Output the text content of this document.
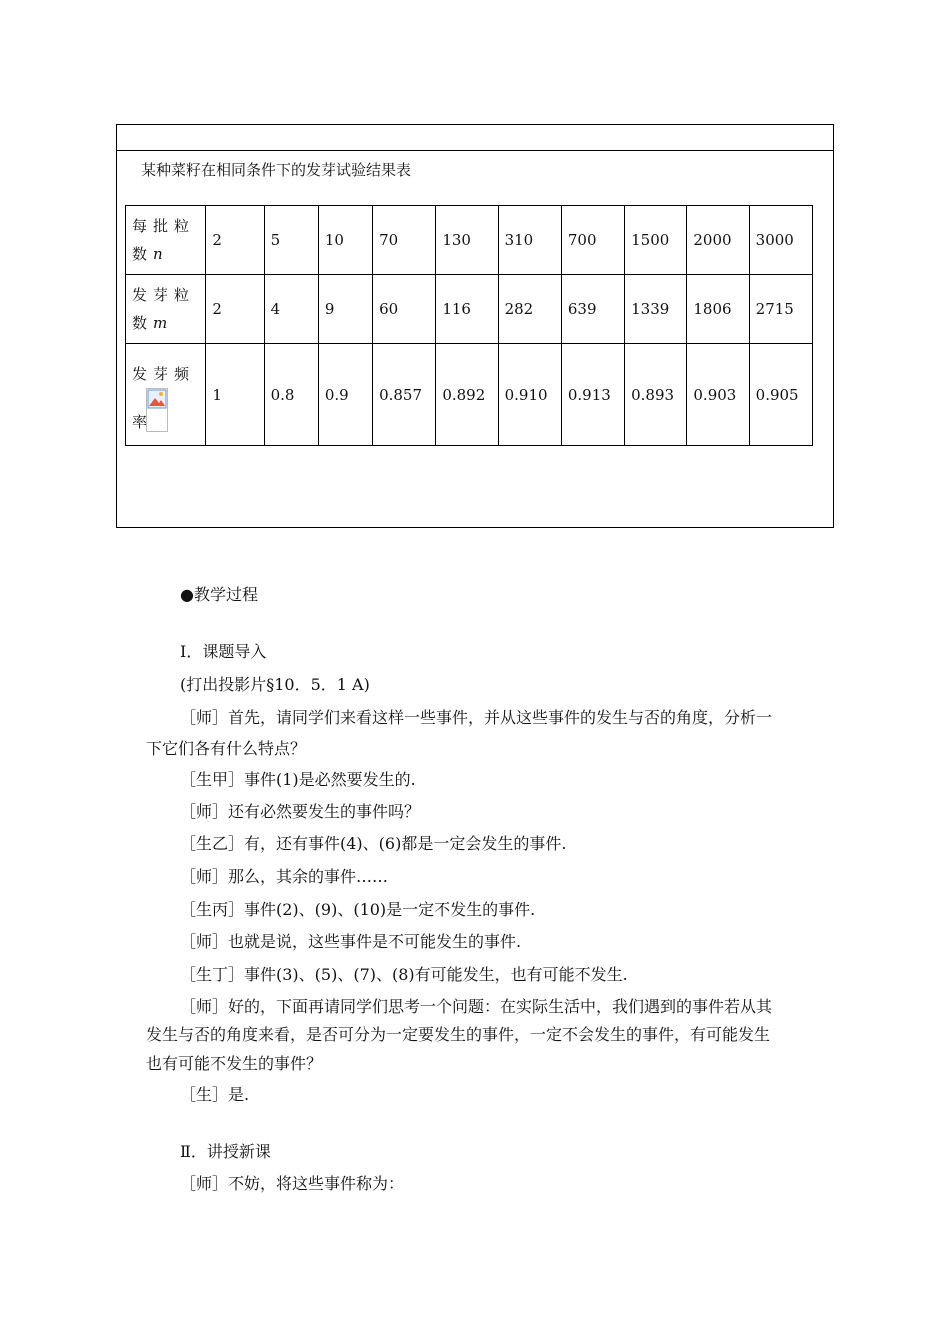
某种菜籽在相同条件下的发芽试验结果表
每批粒数n	2	5	10	70	130	310	700	1500	2000	3000
发芽粒数m	2	4	9	60	116	282	639	1339	1806	2715

发芽频
率	1	0.8	0.9	0.857	0.892	0.910	0.913	0.893	0.903	0.905
●教学过程
Ⅰ．课题导入
(打出投影片§10．5．1 A)
［师］首先，请同学们来看这样一些事件，并从这些事件的发生与否的角度，分析一
下它们各有什么特点？
［生甲］事件(1)是必然要发生的.
［师］还有必然要发生的事件吗？
［生乙］有，还有事件(4)、(6)都是一定会发生的事件.
［师］那么，其余的事件……
［生丙］事件(2)、(9)、(10)是一定不发生的事件.
［师］也就是说，这些事件是不可能发生的事件.
［生丁］事件(3)、(5)、(7)、(8)有可能发生，也有可能不发生.
［师］好的，下面再请同学们思考一个问题：在实际生活中，我们遇到的事件若从其
发生与否的角度来看，是否可分为一定要发生的事件，一定不会发生的事件，有可能发生
也有可能不发生的事件？
［生］是.
Ⅱ．讲授新课
［师］不妨，将这些事件称为：
